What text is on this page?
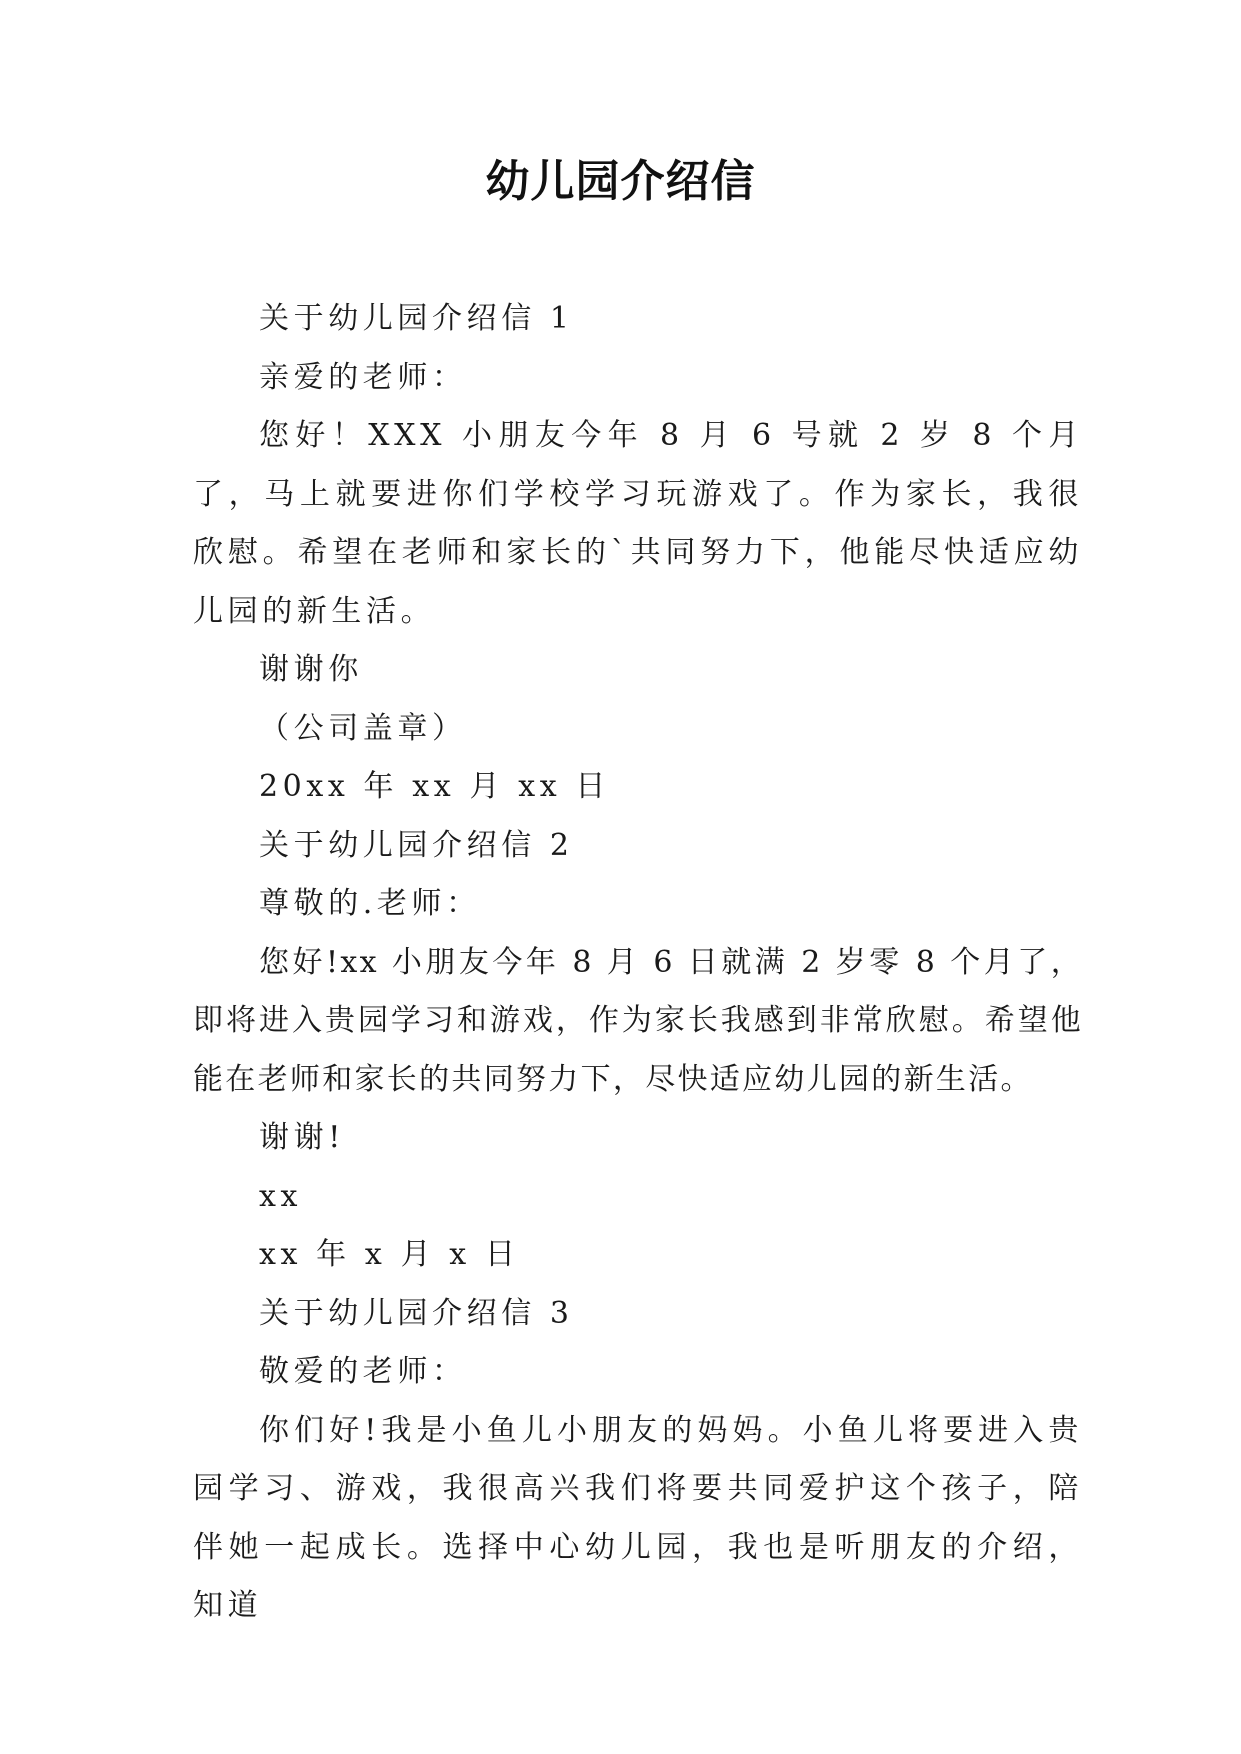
幼儿园介绍信

关于幼儿园介绍信 1

亲爱的老师：

您好！XXX 小朋友今年 8 月 6 号就 2 岁 8 个月了，马上就要进你们学校学习玩游戏了。作为家长，我很欣慰。希望在老师和家长的`共同努力下，他能尽快适应幼儿园的新生活。

谢谢你

（公司盖章）

20xx 年 xx 月 xx 日

关于幼儿园介绍信 2

尊敬的.老师：

您好!xx 小朋友今年 8 月 6 日就满 2 岁零 8 个月了，即将进入贵园学习和游戏，作为家长我感到非常欣慰。希望他能在老师和家长的共同努力下，尽快适应幼儿园的新生活。

谢谢!

xx

xx 年 x 月 x 日

关于幼儿园介绍信 3

敬爱的老师：

你们好!我是小鱼儿小朋友的妈妈。小鱼儿将要进入贵园学习、游戏，我很高兴我们将要共同爱护这个孩子，陪伴她一起成长。选择中心幼儿园，我也是听朋友的介绍，知道
